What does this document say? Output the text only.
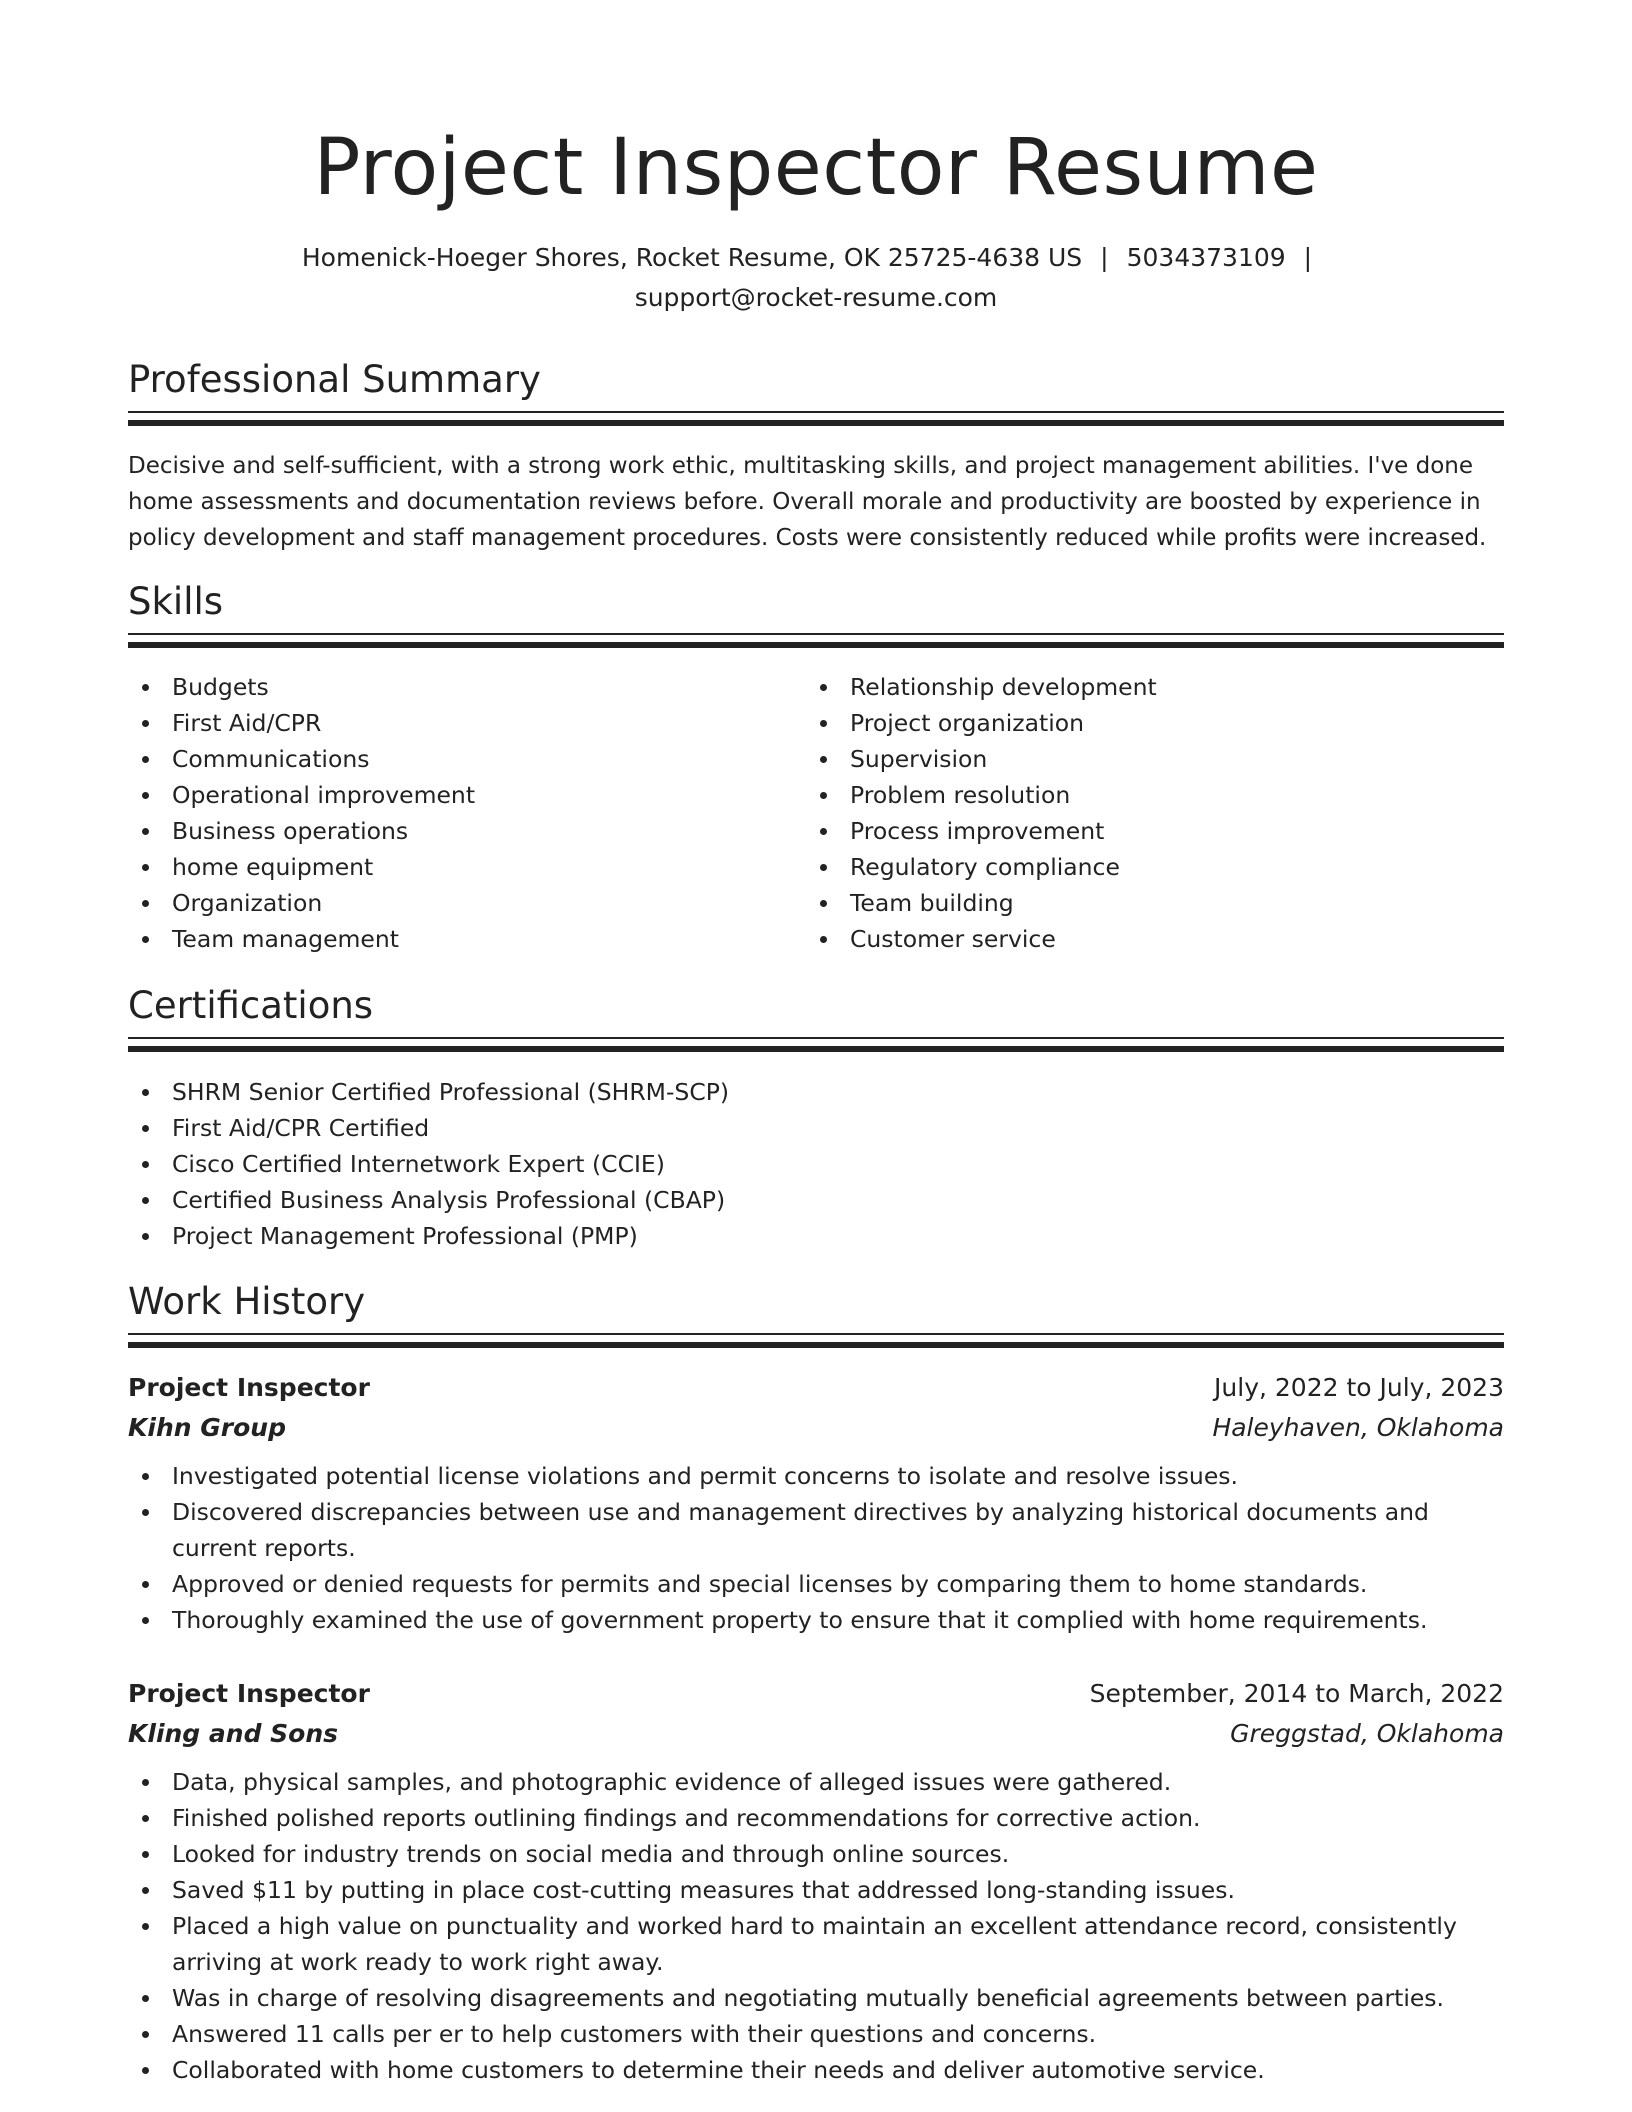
Project Inspector Resume
Homenick-Hoeger Shores, Rocket Resume, OK 25725-4638 US | 5034373109 |
support@rocket-resume.com
Professional Summary

Decisive and self-sufficient, with a strong work ethic, multitasking skills, and project management abilities. I've done home assessments and documentation reviews before. Overall morale and productivity are boosted by experience in policy development and staff management procedures. Costs were consistently reduced while profits were increased.

Skills
Budgets
First Aid/CPR
Communications
Operational improvement
Business operations
home equipment
Organization
Team management
Relationship development
Project organization
Supervision
Problem resolution
Process improvement
Regulatory compliance
Team building
Customer service
Certifications
SHRM Senior Certified Professional (SHRM-SCP)
First Aid/CPR Certified
Cisco Certified Internetwork Expert (CCIE)
Certified Business Analysis Professional (CBAP)
Project Management Professional (PMP)
Work History
Project Inspector	July, 2022 to July, 2023
Kihn Group	Haleyhaven, Oklahoma
Investigated potential license violations and permit concerns to isolate and resolve issues.
Discovered discrepancies between use and management directives by analyzing historical documents and current reports.
Approved or denied requests for permits and special licenses by comparing them to home standards.
Thoroughly examined the use of government property to ensure that it complied with home requirements.
Project Inspector	September, 2014 to March, 2022
Kling and Sons	Greggstad, Oklahoma
Data, physical samples, and photographic evidence of alleged issues were gathered.
Finished polished reports outlining findings and recommendations for corrective action.
Looked for industry trends on social media and through online sources.
Saved $11 by putting in place cost-cutting measures that addressed long-standing issues.
Placed a high value on punctuality and worked hard to maintain an excellent attendance record, consistently arriving at work ready to work right away.
Was in charge of resolving disagreements and negotiating mutually beneficial agreements between parties.
Answered 11 calls per er to help customers with their questions and concerns.
Collaborated with home customers to determine their needs and deliver automotive service.
